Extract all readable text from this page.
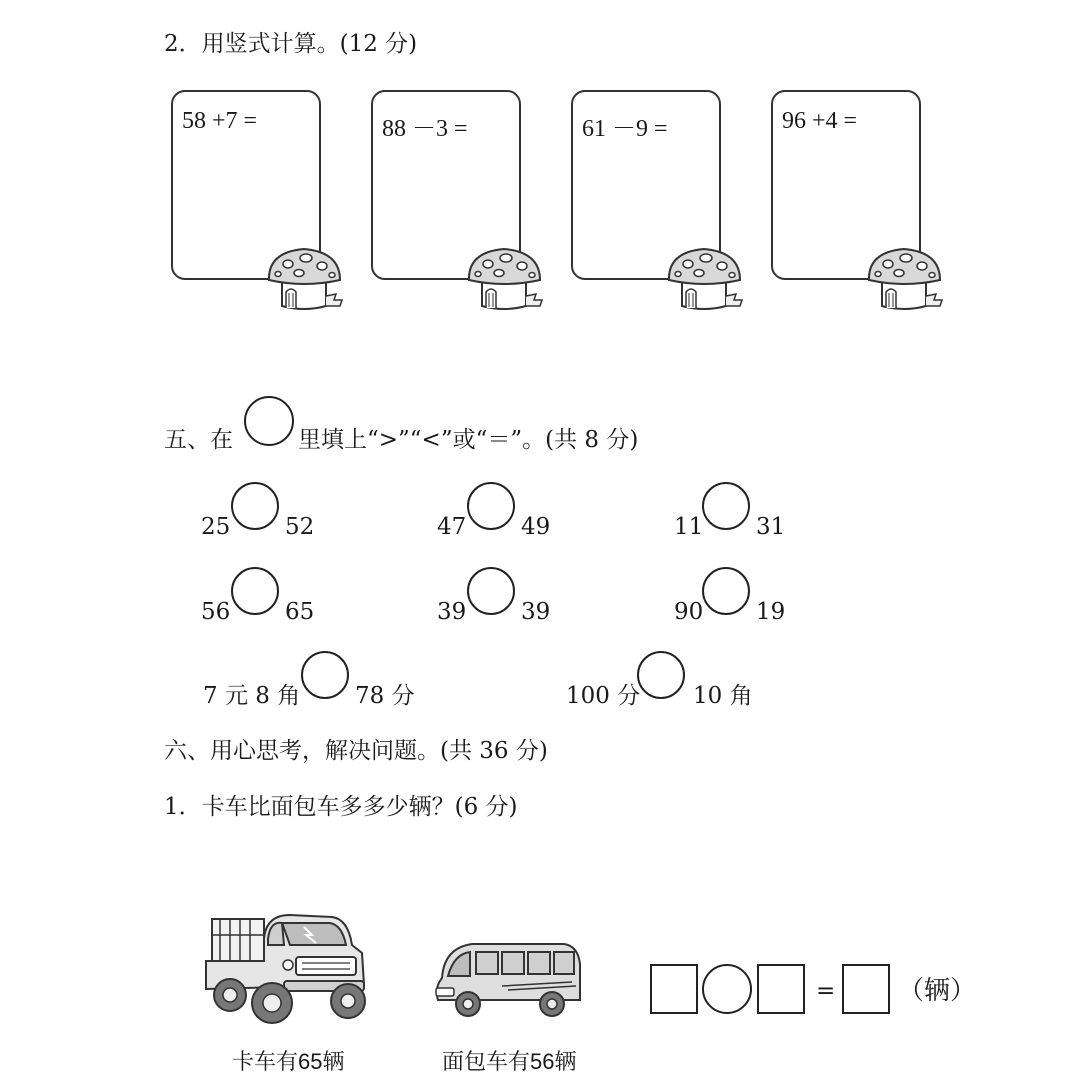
2．用竖式计算。(12 分)
58 +7 =	88 －3 =	61 －9 =	96 +4 =
五、在	里填上“>”“<”或“＝”。(共 8 分)
25 52	47 49	11 31
56 65	39 39	90 19
7 元 8 角 78 分	100 分 10 角
六、用心思考，解决问题。(共 36 分)
1．卡车比面包车多多少辆？(6 分)
卡车有65辆	面包车有56辆
= （辆）
